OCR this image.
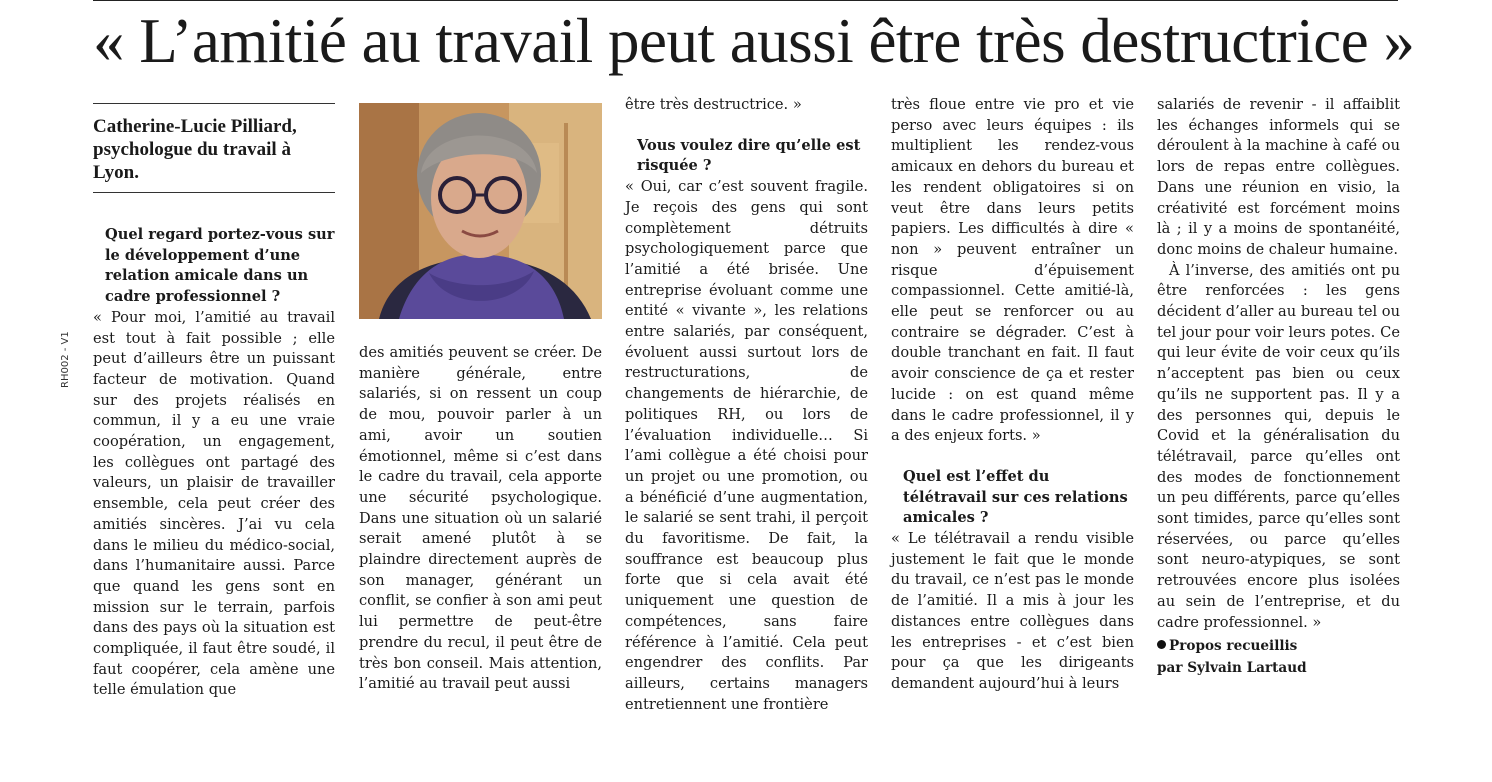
« L’amitié au travail peut aussi être très destructrice »
RH002 - V1
Catherine-Lucie Pilliard, psychologue du travail à Lyon.

Quel regard portez-vous sur le développement d’une relation amicale dans un cadre professionnel ?

« Pour moi, l’amitié au travail est tout à fait possible ; elle peut d’ailleurs être un puissant facteur de motivation. Quand sur des projets réalisés en commun, il y a eu une vraie coopération, un engagement, les collègues ont partagé des valeurs, un plaisir de travailler ensemble, cela peut créer des amitiés sincères. J’ai vu cela dans le milieu du médico-social, dans l’humanitaire aussi. Parce que quand les gens sont en mission sur le terrain, parfois dans des pays où la situation est compliquée, il faut être soudé, il faut coopérer, cela amène une telle émulation que

des amitiés peuvent se créer. De manière générale, entre salariés, si on ressent un coup de mou, pouvoir parler à un ami, avoir un soutien émotionnel, même si c’est dans le cadre du travail, cela apporte une sécurité psychologique. Dans une situation où un salarié serait amené plutôt à se plaindre directement auprès de son manager, générant un conflit, se confier à son ami peut lui permettre de peut-être prendre du recul, il peut être de très bon conseil. Mais attention, l’amitié au travail peut aussi

être très destructrice. »

Vous voulez dire qu’elle est risquée ?

« Oui, car c’est souvent fragile. Je reçois des gens qui sont complètement détruits psychologiquement parce que l’amitié a été brisée. Une entreprise évoluant comme une entité « vivante », les relations entre salariés, par conséquent, évoluent aussi surtout lors de restructurations, de changements de hiérarchie, de politiques RH, ou lors de l’évaluation individuelle… Si l’ami collègue a été choisi pour un projet ou une promotion, ou a bénéficié d’une augmentation, le salarié se sent trahi, il perçoit du favoritisme. De fait, la souffrance est beaucoup plus forte que si cela avait été uniquement une question de compétences, sans faire référence à l’amitié. Cela peut engendrer des conflits. Par ailleurs, certains managers entretiennent une frontière

très floue entre vie pro et vie perso avec leurs équipes : ils multiplient les rendez-vous amicaux en dehors du bureau et les rendent obligatoires si on veut être dans leurs petits papiers. Les difficultés à dire « non » peuvent entraîner un risque d’épuisement compassionnel. Cette amitié-là, elle peut se renforcer ou au contraire se dégrader. C’est à double tranchant en fait. Il faut avoir conscience de ça et rester lucide : on est quand même dans le cadre professionnel, il y a des enjeux forts. »

Quel est l’effet du télétravail sur ces relations amicales ?

« Le télétravail a rendu visible justement le fait que le monde du travail, ce n’est pas le monde de l’amitié. Il a mis à jour les distances entre collègues dans les entreprises - et c’est bien pour ça que les dirigeants demandent aujourd’hui à leurs

salariés de revenir - il affaiblit les échanges informels qui se déroulent à la machine à café ou lors de repas entre collègues. Dans une réunion en visio, la créativité est forcément moins là ; il y a moins de spontanéité, donc moins de chaleur humaine.

À l’inverse, des amitiés ont pu être renforcées : les gens décident d’aller au bureau tel ou tel jour pour voir leurs potes. Ce qui leur évite de voir ceux qu’ils n’acceptent pas bien ou ceux qu’ils ne supportent pas. Il y a des personnes qui, depuis le Covid et la généralisation du télétravail, parce qu’elles ont des modes de fonctionnement un peu différents, parce qu’elles sont timides, parce qu’elles sont réservées, ou parce qu’elles sont neuro-atypiques, se sont retrouvées encore plus isolées au sein de l’entreprise, et du cadre professionnel. »

Propos recueillis
par Sylvain Lartaud
